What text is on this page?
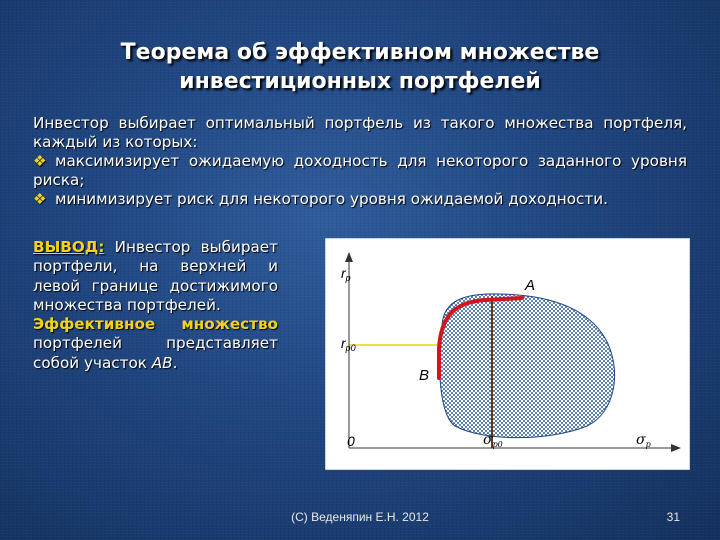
Теорема об эффективном множестве
инвестиционных портфелей

Инвестор выбирает оптимальный портфель из такого множества портфеля, каждый из которых:

❖ максимизирует ожидаемую доходность для некоторого заданного уровня риска;

❖ минимизирует риск для некоторого уровня ожидаемой доходности.

ВЫВОД: Инвестор выбирает портфели, на верхней и левой границе достижимого множества портфелей.

Эффективное множество портфелей представляет собой участок AB.

$r_p$
$r_{p0}$
0	$\sigma_{p0}$	$\sigma_p$
A
B
(C) Веденяпин Е.Н. 2012	31
